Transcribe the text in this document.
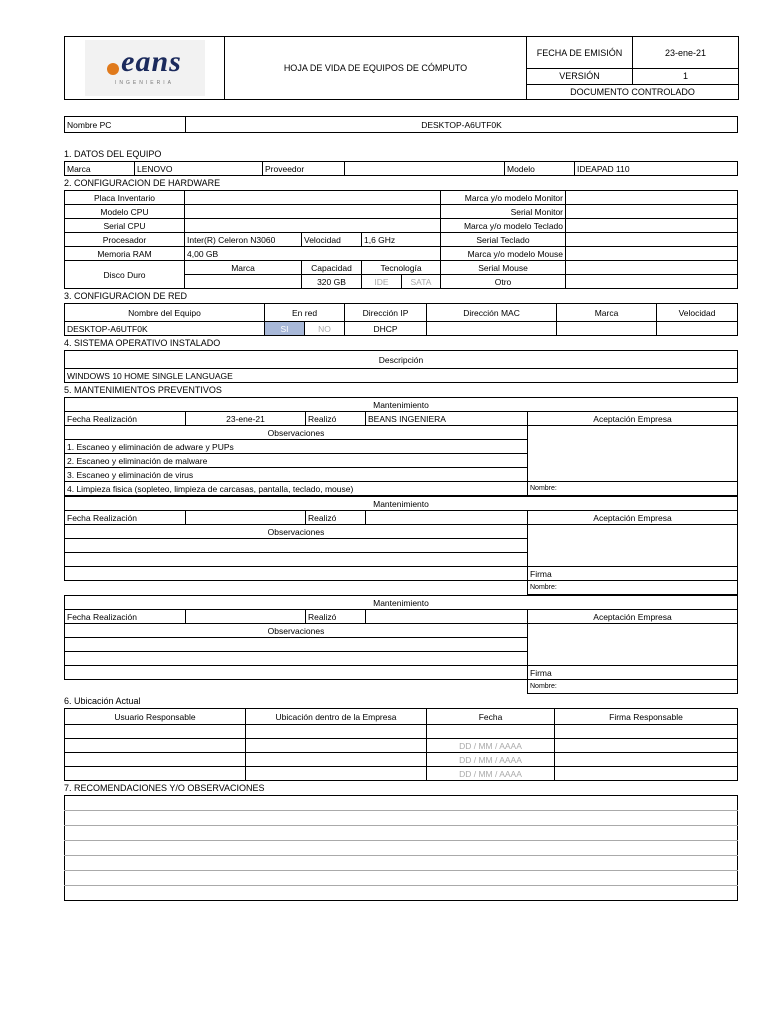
eans
INGENIERIA	HOJA DE VIDA DE EQUIPOS DE CÓMPUTO	FECHA DE EMISIÓN	23-ene-21
		VERSIÓN	1
		DOCUMENTO CONTROLADO	
Nombre PC	DESKTOP-A6UTF0K
1. DATOS DEL EQUIPO
Marca	LENOVO	Proveedor		Modelo	IDEAPAD 110
2. CONFIGURACION DE HARDWARE
Placa Inventario					Marca y/o modelo Monitor	
Modelo CPU					Serial Monitor	
Serial CPU					Marca y/o modelo Teclado	
Procesador	Inter(R) Celeron N3060	Velocidad	1,6 GHz		Serial Teclado	
Memoria RAM	4,00 GB				Marca y/o modelo Mouse	
Disco Duro	Marca	Capacidad	Tecnología		Serial Mouse	
		320 GB	IDE	SATA	Otro	
3. CONFIGURACION DE RED
Nombre del Equipo	En red		Dirección IP	Dirección MAC	Marca	Velocidad
DESKTOP-A6UTF0K	SI	NO	DHCP			
4. SISTEMA OPERATIVO INSTALADO
Descripción
WINDOWS 10 HOME SINGLE LANGUAGE
5. MANTENIMIENTOS PREVENTIVOS
Mantenimiento				
Fecha Realización	23-ene-21	Realizó	BEANS INGENIERA	Aceptación Empresa
Observaciones				
1. Escaneo y eliminación de adware y PUPs				
2. Escaneo y eliminación de malware				
3. Escaneo y eliminación de virus				
4. Limpieza fisica (sopleteo, limpieza de carcasas, pantalla, teclado, mouse)				Nombre:
Mantenimiento				
Fecha Realización		Realizó		Aceptación Empresa
Observaciones				

				Firma
				Nombre:
Mantenimiento				
Fecha Realización		Realizó		Aceptación Empresa
Observaciones				

				Firma
				Nombre:
6. Ubicación Actual
Usuario Responsable	Ubicación dentro de la Empresa	Fecha	Firma Responsable

		DD / MM / AAAA	
		DD / MM / AAAA	
		DD / MM / AAAA	
7. RECOMENDACIONES Y/O OBSERVACIONES
